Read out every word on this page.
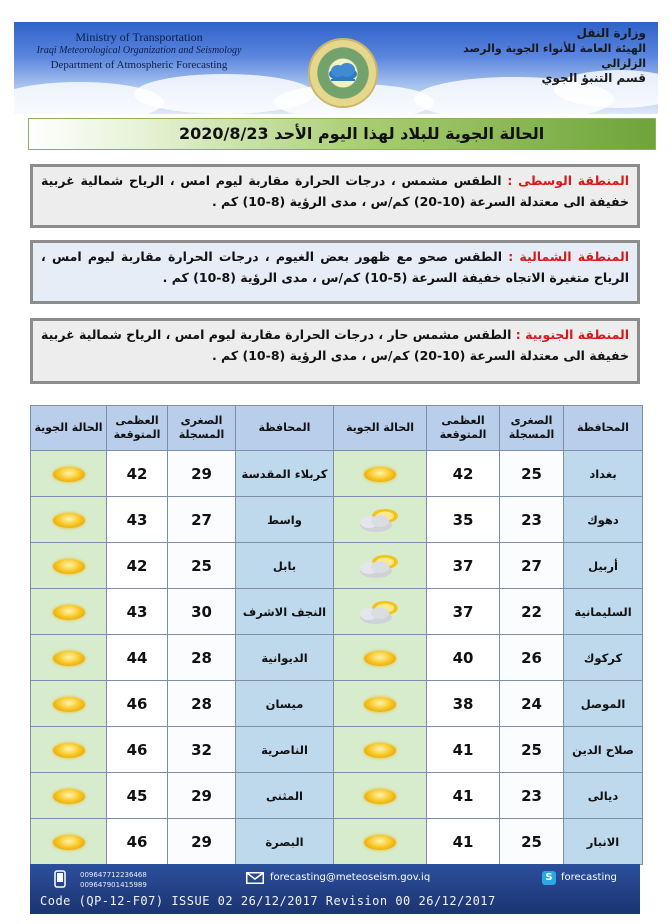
Ministry of Transportation
Iraqi Meteorological Organization and Seismology
Department of Atmospheric Forecasting
وزارة النقل
الهيئة العامة للأنواء الجوية والرصد الزلزالي
قسم التنبؤ الجوي
الحالة الجوية للبلاد لهذا اليوم الأحد 2020/8/23
المنطقة الوسطى : الطقس مشمس ، درجات الحرارة مقاربة ليوم امس ، الرياح شمالية غربية خفيفة الى معتدلة السرعة (10-20) كم/س ، مدى الرؤية (8-10) كم .
المنطقة الشمالية : الطقس صحو مع ظهور بعض الغيوم ، درجات الحرارة مقاربة ليوم امس ، الرياح متغيرة الاتجاه خفيفة السرعة (5-10) كم/س ، مدى الرؤية (8-10) كم .
المنطقة الجنوبية : الطقس مشمس حار ، درجات الحرارة مقاربة ليوم امس ، الرياح شمالية غربية خفيفة الى معتدلة السرعة (10-20) كم/س ، مدى الرؤية (8-10) كم .
المحافظة	الصغرى المسجلة	العظمى المتوقعة	الحالة الجوية	المحافظة	الصغرى المسجلة	العظمى المتوقعة	الحالة الجوية
بغداد	25	42		كربلاء المقدسة	29	42	
دهوك	23	35		واسط	27	43	
أربيل	27	37		بابل	25	42	
السليمانية	22	37		النجف الاشرف	30	43	
كركوك	26	40		الديوانية	28	44	
الموصل	24	38		ميسان	28	46	
صلاح الدين	25	41		الناصرية	32	46	
ديالى	23	41		المثنى	29	45	
الانبار	25	41		البصرة	29	46	
009647712236468
009647901415989
forecasting@meteoseism.gov.iq	S forecasting
Code (QP-12-F07) ISSUE 02 26/12/2017 Revision 00 26/12/2017
